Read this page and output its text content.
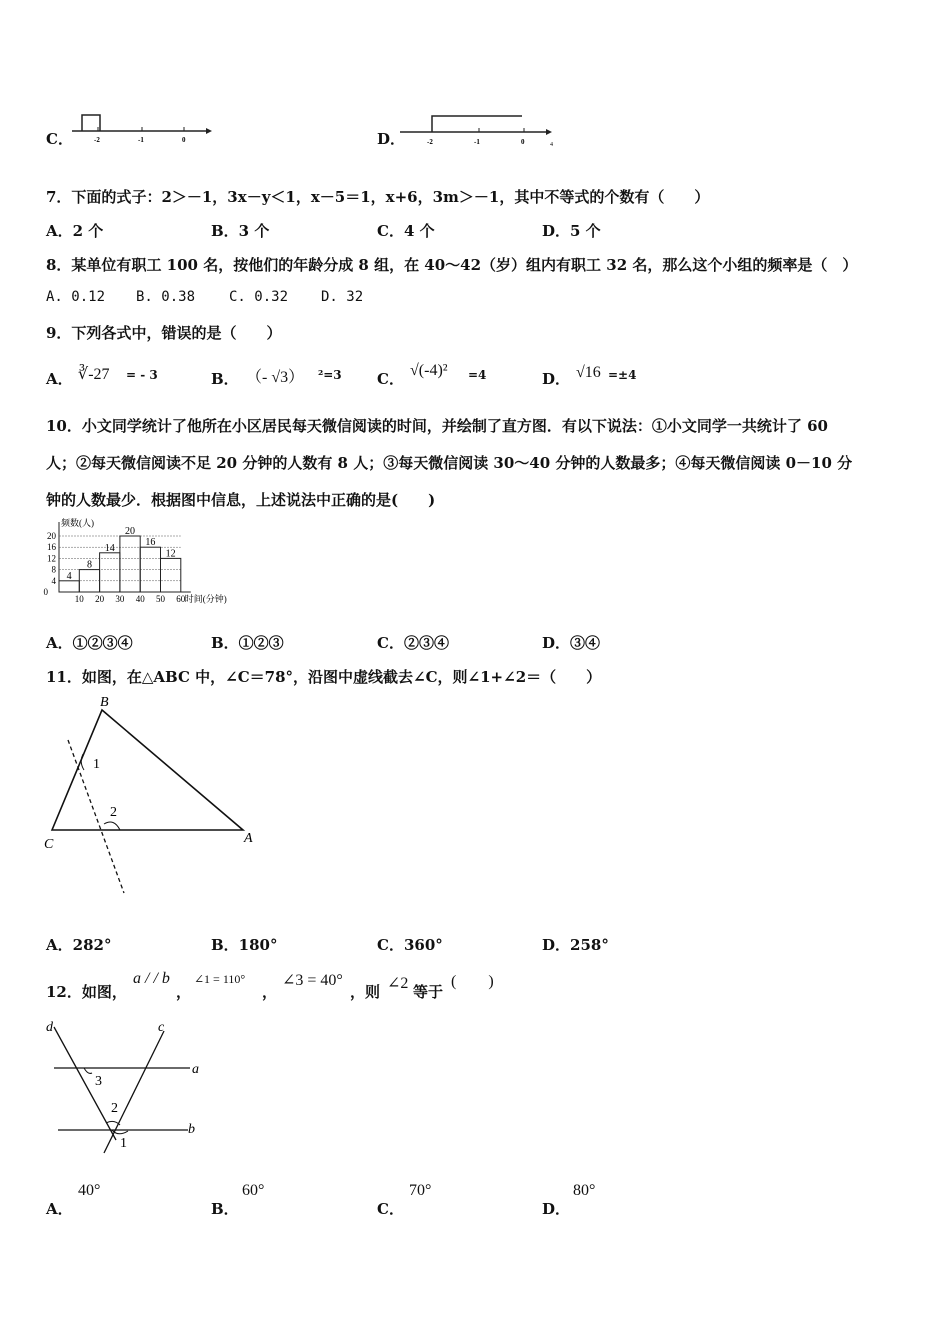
C．	-2	-1	0	D．	-2	-1	0	4
7．下面的式子：2＞－1，3x－y＜1，x－5＝1，x+6，3m＞－1，其中不等式的个数有（　　）
A．2 个	B．3 个	C．4 个	D．5 个
8．某单位有职工 100 名，按他们的年龄分成 8 组，在 40～42（岁）组内有职工 32 名，那么这个小组的频率是（　）
A. 0.12 B. 0.38 C. 0.32 D. 32
9．下列各式中，错误的是（　　）
A． ∛-27 = - 3	B． （- √3） ²=3 C． √(-4)² =4	D． √16 =±4
10．小文同学统计了他所在小区居民每天微信阅读的时间，并绘制了直方图．有以下说法：①小文同学一共统计了 60
人；②每天微信阅读不足 20 分钟的人数有 8 人；③每天微信阅读 30～40 分钟的人数最多；④每天微信阅读 0－10 分
钟的人数最少．根据图中信息，上述说法中正确的是(　　)
4
8
12
16
20
0
4
8
14
20
16
12
10 20 30 40 50 60
频数(人)
时间(分钟)
A．①②③④	B．①②③	C．②③④	D．③④
11．如图，在△ABC 中，∠C＝78°，沿图中虚线截去∠C，则∠1+∠2＝（　　）
B
C	A
1
2
A．282°	B．180°	C．360°	D．258°
12．如图，
a / / b
，
∠1 = 110°
，
∠3 = 40°
，则 ∠2 等于
(　　)
d	c
a
b
3
2
1
A．
40°
B．
60°
C．
70°
D．
80°
